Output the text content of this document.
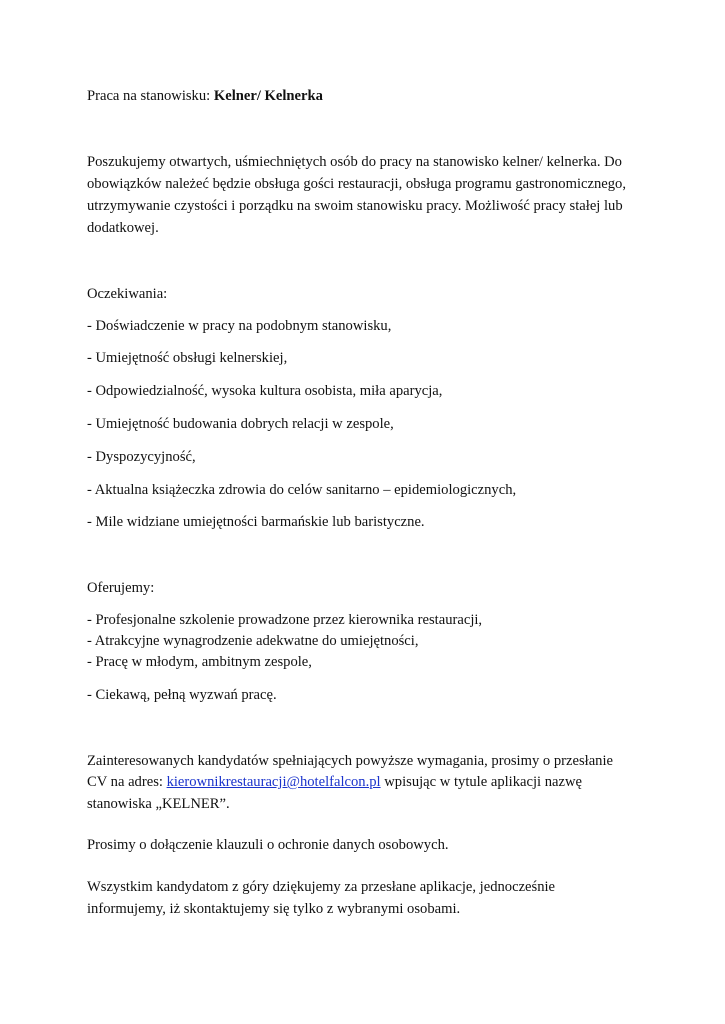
Praca na stanowisku: Kelner/ Kelnerka
Poszukujemy otwartych, uśmiechniętych osób do pracy na stanowisko kelner/ kelnerka. Do
obowiązków należeć będzie obsługa gości restauracji, obsługa programu gastronomicznego,
utrzymywanie czystości i porządku na swoim stanowisku pracy. Możliwość pracy stałej lub
dodatkowej.
Oczekiwania:
- Doświadczenie w pracy na podobnym stanowisku,
- Umiejętność obsługi kelnerskiej,
- Odpowiedzialność, wysoka kultura osobista, miła aparycja,
- Umiejętność budowania dobrych relacji w zespole,
- Dyspozycyjność,
- Aktualna książeczka zdrowia do celów sanitarno – epidemiologicznych,
- Mile widziane umiejętności barmańskie lub baristyczne.
Oferujemy:
- Profesjonalne szkolenie prowadzone przez kierownika restauracji,
- Atrakcyjne wynagrodzenie adekwatne do umiejętności,
- Pracę w młodym, ambitnym zespole,
- Ciekawą, pełną wyzwań pracę.
Zainteresowanych kandydatów spełniających powyższe wymagania, prosimy o przesłanie
CV na adres: kierownikrestauracji@hotelfalcon.pl wpisując w tytule aplikacji nazwę
stanowiska „KELNER”.
Prosimy o dołączenie klauzuli o ochronie danych osobowych.
Wszystkim kandydatom z góry dziękujemy za przesłane aplikacje, jednocześnie
informujemy, iż skontaktujemy się tylko z wybranymi osobami.
